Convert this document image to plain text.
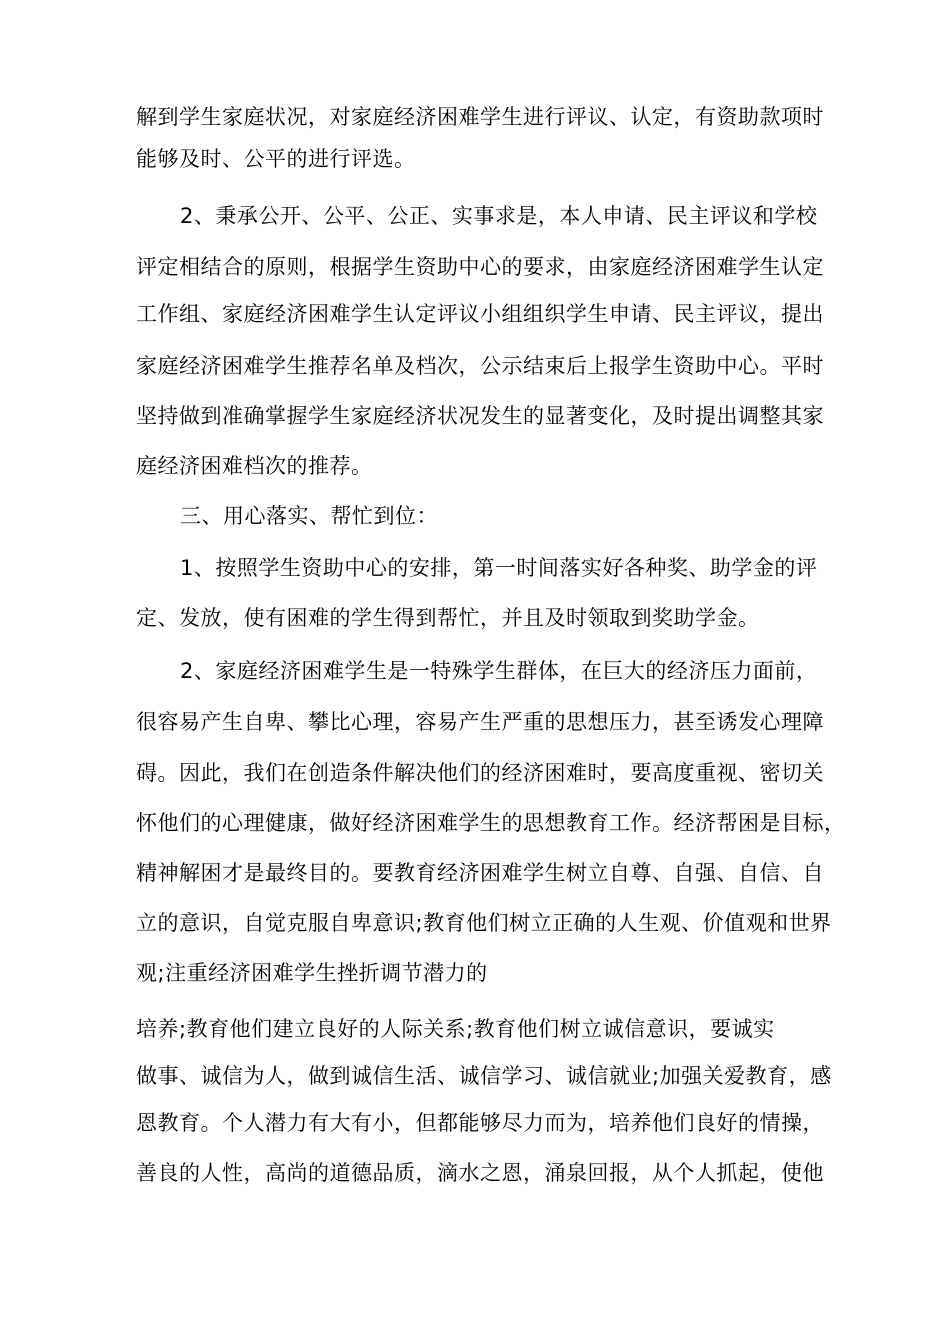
解到学生家庭状况，对家庭经济困难学生进行评议、认定，有资助款项时
能够及时、公平的进行评选。
2、秉承公开、公平、公正、实事求是，本人申请、民主评议和学校
评定相结合的原则，根据学生资助中心的要求，由家庭经济困难学生认定
工作组、家庭经济困难学生认定评议小组组织学生申请、民主评议，提出
家庭经济困难学生推荐名单及档次，公示结束后上报学生资助中心。平时
坚持做到准确掌握学生家庭经济状况发生的显著变化，及时提出调整其家
庭经济困难档次的推荐。
三、用心落实、帮忙到位：
1、按照学生资助中心的安排，第一时间落实好各种奖、助学金的评
定、发放，使有困难的学生得到帮忙，并且及时领取到奖助学金。
2、家庭经济困难学生是一特殊学生群体，在巨大的经济压力面前，
很容易产生自卑、攀比心理，容易产生严重的思想压力，甚至诱发心理障
碍。因此，我们在创造条件解决他们的经济困难时，要高度重视、密切关
怀他们的心理健康，做好经济困难学生的思想教育工作。经济帮困是目标，
精神解困才是最终目的。要教育经济困难学生树立自尊、自强、自信、自
立的意识，自觉克服自卑意识;教育他们树立正确的人生观、价值观和世界
观;注重经济困难学生挫折调节潜力的
培养;教育他们建立良好的人际关系;教育他们树立诚信意识，要诚实
做事、诚信为人，做到诚信生活、诚信学习、诚信就业;加强关爱教育，感
恩教育。个人潜力有大有小，但都能够尽力而为，培养他们良好的情操，
善良的人性，高尚的道德品质，滴水之恩，涌泉回报，从个人抓起，使他
